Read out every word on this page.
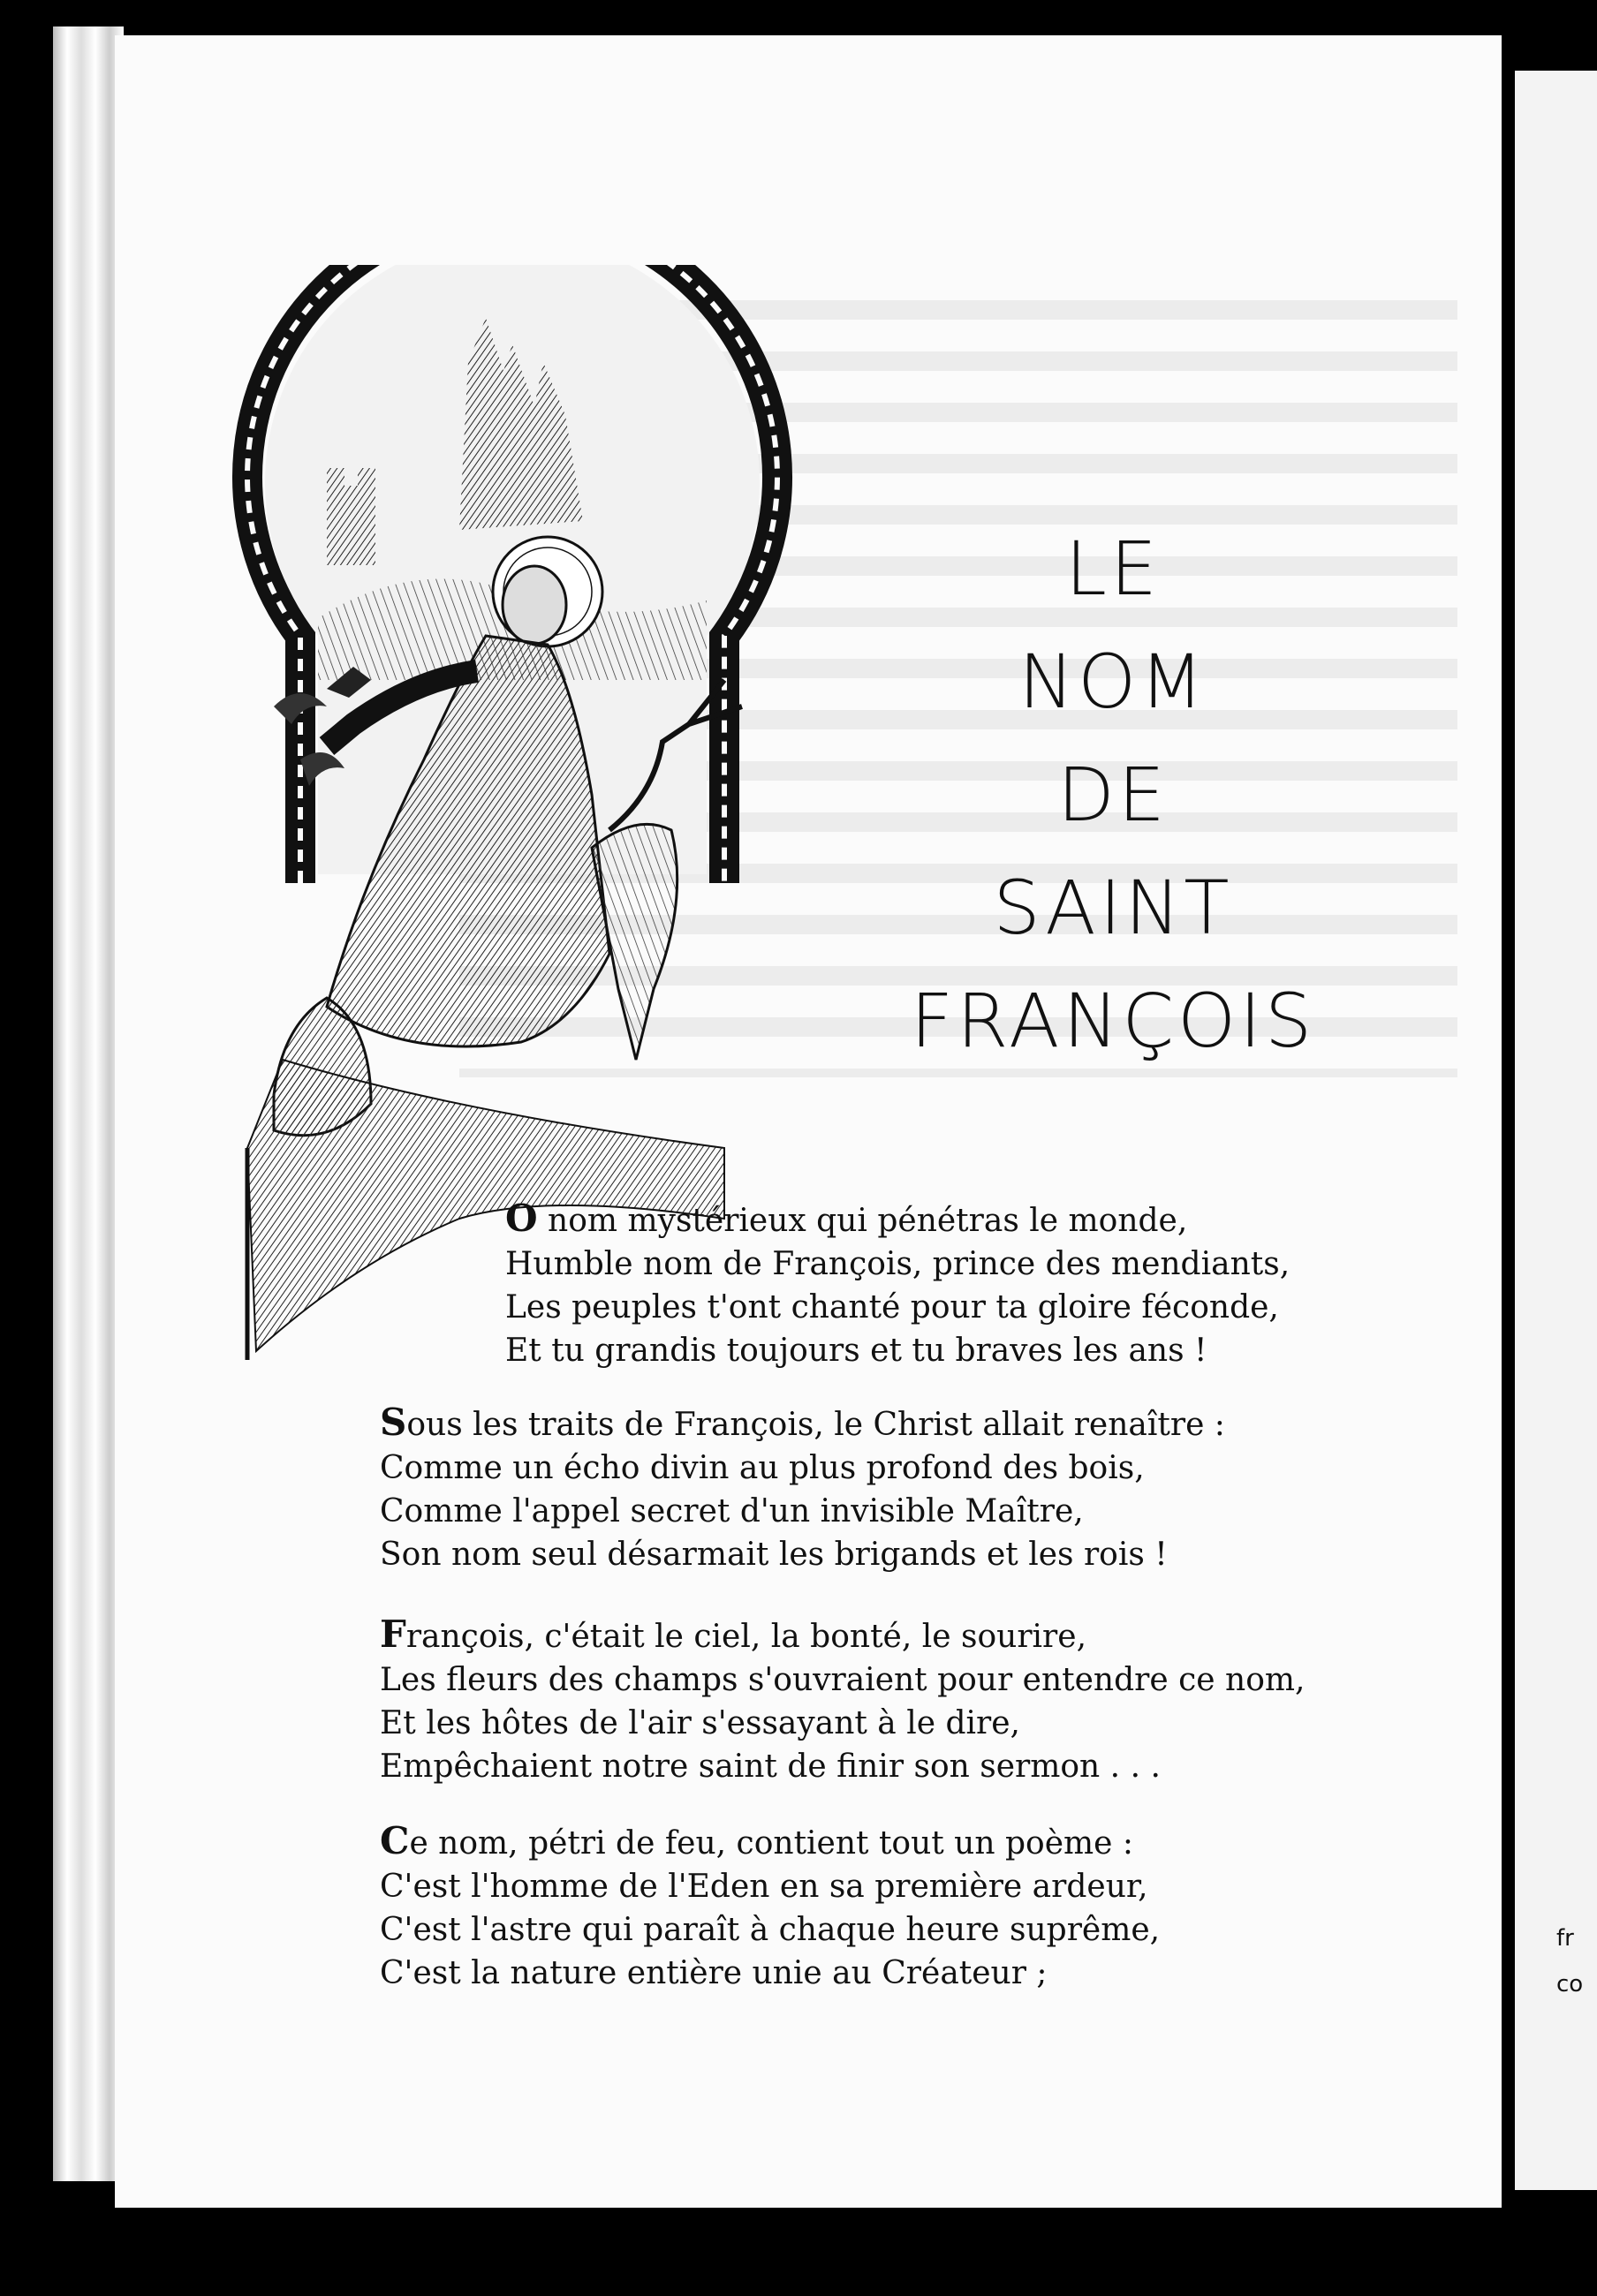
fr
co
LE
NOM
DE
SAINT
FRANÇOIS
O nom mystérieux qui pénétras le monde,
Humble nom de François, prince des mendiants,
Les peuples t'ont chanté pour ta gloire féconde,
Et tu grandis toujours et tu braves les ans !
Sous les traits de François, le Christ allait renaître :
Comme un écho divin au plus profond des bois,
Comme l'appel secret d'un invisible Maître,
Son nom seul désarmait les brigands et les rois !
François, c'était le ciel, la bonté, le sourire,
Les fleurs des champs s'ouvraient pour entendre ce nom,
Et les hôtes de l'air s'essayant à le dire,
Empêchaient notre saint de finir son sermon . . .
Ce nom, pétri de feu, contient tout un poème :
C'est l'homme de l'Eden en sa première ardeur,
C'est l'astre qui paraît à chaque heure suprême,
C'est la nature entière unie au Créateur ;
